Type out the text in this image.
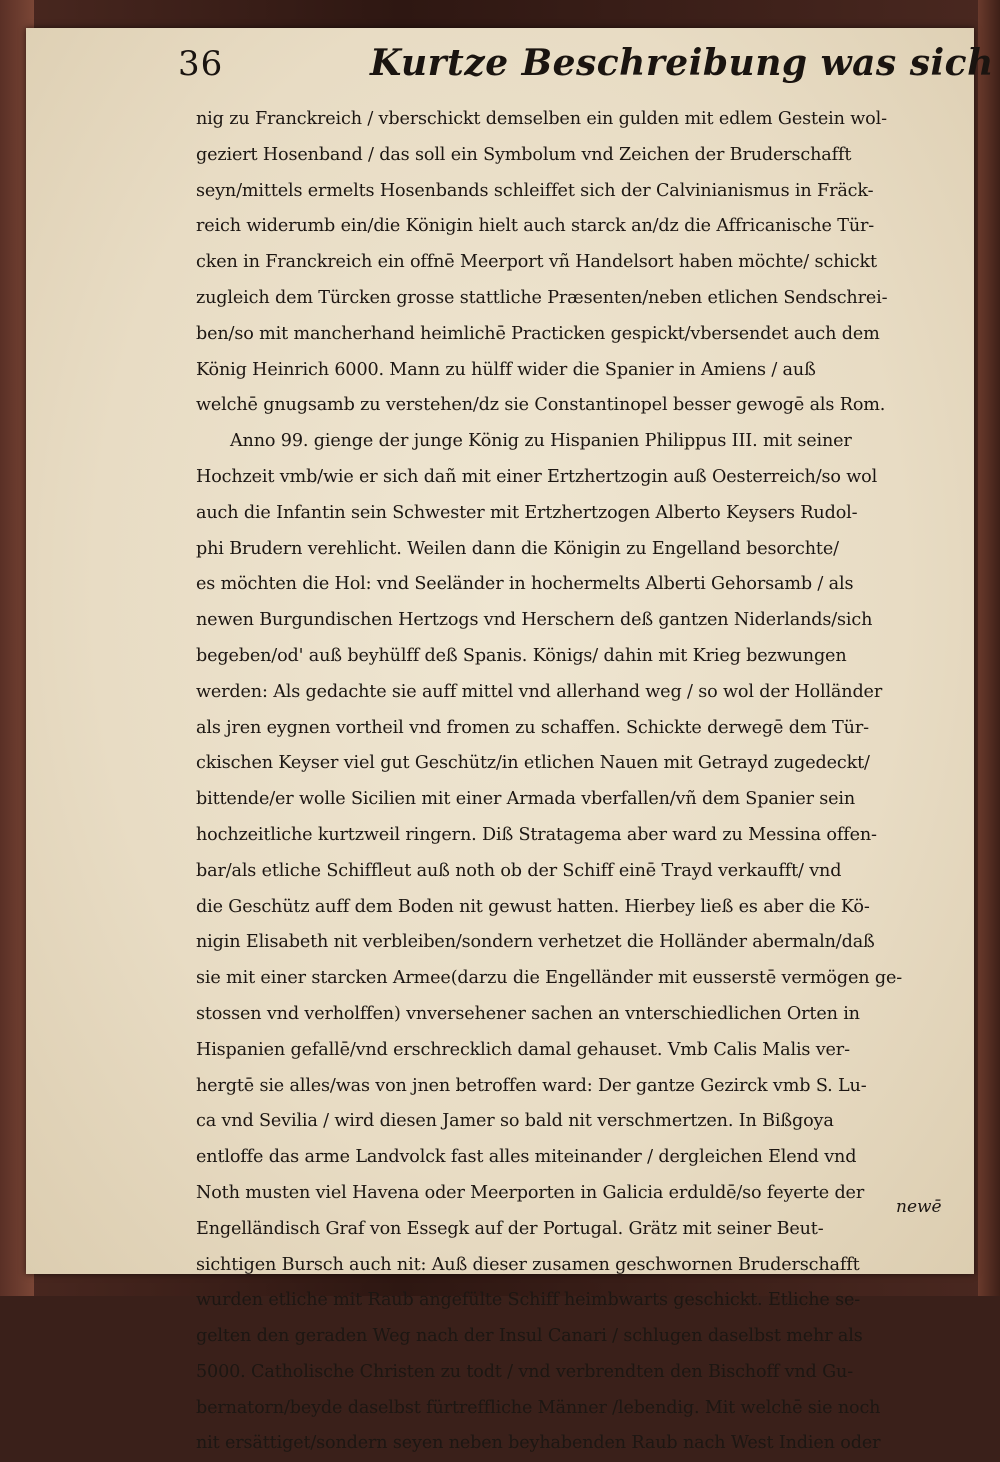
36	Kurtze Beschreibung was sich
nig zu Franckreich / vberschickt demselben ein gulden mit edlem Gestein wol-
geziert Hosenband / das soll ein Symbolum vnd Zeichen der Bruderschafft
seyn/mittels ermelts Hosenbands schleiffet sich der Calvinianismus in Fräck-
reich widerumb ein/die Königin hielt auch starck an/dz die Affricanische Tür-
cken in Franckreich ein offnē Meerport vñ Handelsort haben möchte/ schickt
zugleich dem Türcken grosse stattliche Præsenten/neben etlichen Sendschrei-
ben/so mit mancherhand heimlichē Practicken gespickt/vbersendet auch dem
König Heinrich 6000. Mann zu hülff wider die Spanier in Amiens / auß
welchē gnugsamb zu verstehen/dz sie Constantinopel besser gewogē als Rom.
Anno 99. gienge der junge König zu Hispanien Philippus III. mit seiner
Hochzeit vmb/wie er sich dañ mit einer Ertzhertzogin auß Oesterreich/so wol
auch die Infantin sein Schwester mit Ertzhertzogen Alberto Keysers Rudol-
phi Brudern verehlicht. Weilen dann die Königin zu Engelland besorchte/
es möchten die Hol: vnd Seeländer in hochermelts Alberti Gehorsamb / als
newen Burgundischen Hertzogs vnd Herschern deß gantzen Niderlands/sich
begeben/od' auß beyhülff deß Spanis. Königs/ dahin mit Krieg bezwungen
werden: Als gedachte sie auff mittel vnd allerhand weg / so wol der Holländer
als jren eygnen vortheil vnd fromen zu schaffen. Schickte derwegē dem Tür-
ckischen Keyser viel gut Geschütz/in etlichen Nauen mit Getrayd zugedeckt/
bittende/er wolle Sicilien mit einer Armada vberfallen/vñ dem Spanier sein
hochzeitliche kurtzweil ringern. Diß Stratagema aber ward zu Messina offen-
bar/als etliche Schiffleut auß noth ob der Schiff einē Trayd verkaufft/ vnd
die Geschütz auff dem Boden nit gewust hatten. Hierbey ließ es aber die Kö-
nigin Elisabeth nit verbleiben/sondern verhetzet die Holländer abermaln/daß
sie mit einer starcken Armee(darzu die Engelländer mit eusserstē vermögen ge-
stossen vnd verholffen) vnversehener sachen an vnterschiedlichen Orten in
Hispanien gefallē/vnd erschrecklich damal gehauset. Vmb Calis Malis ver-
hergtē sie alles/was von jnen betroffen ward: Der gantze Gezirck vmb S. Lu-
ca vnd Sevilia / wird diesen Jamer so bald nit verschmertzen. In Bißgoya
entloffe das arme Landvolck fast alles miteinander / dergleichen Elend vnd
Noth musten viel Havena oder Meerporten in Galicia erduldē/so feyerte der
Engelländisch Graf von Essegk auf der Portugal. Grätz mit seiner Beut-
sichtigen Bursch auch nit: Auß dieser zusamen geschwornen Bruderschafft
wurden etliche mit Raub angefülte Schiff heimbwarts geschickt. Etliche se-
gelten den geraden Weg nach der Insul Canari / schlugen daselbst mehr als
5000. Catholische Christen zu todt / vnd verbrendten den Bischoff vnd Gu-
bernatorn/beyde daselbst fürtreffliche Männer /lebendig. Mit welchē sie noch
nit ersättiget/sondern seyen neben beyhabenden Raub nach West Indien oder
newē
